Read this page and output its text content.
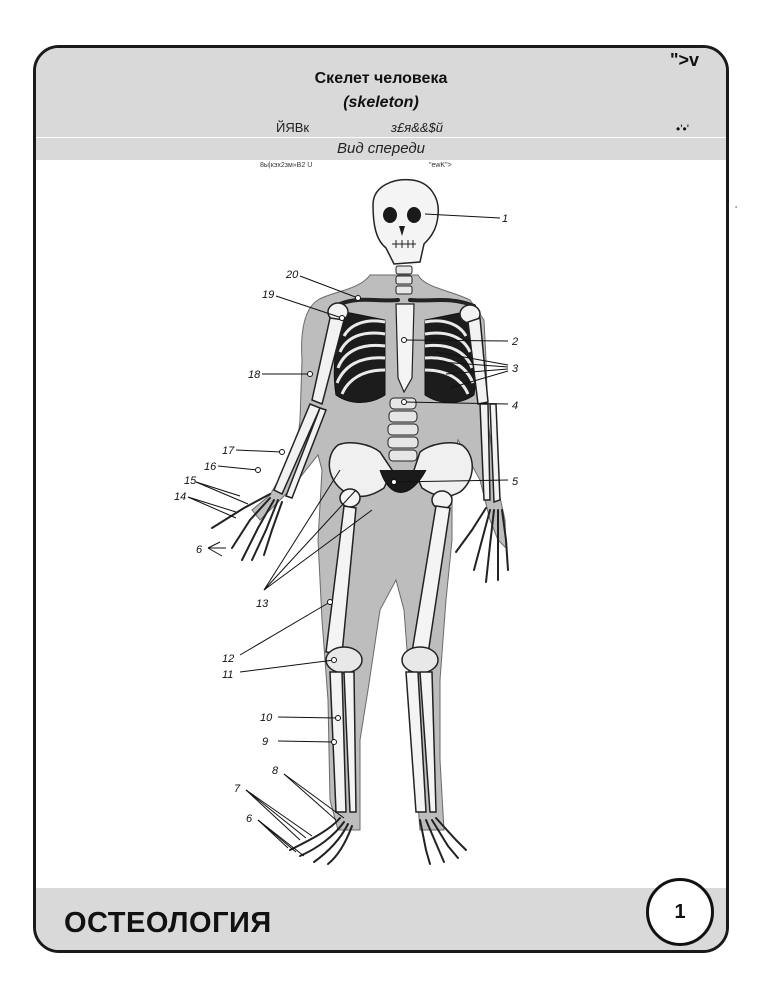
Скелет человека
(skeleton)
ЙЯВк	з£я&&$й
Вид спереди
8ы|кэх2зм»В2 U	"ewK">
ОСТЕОЛОГИЯ
">v
•'•'
ʻ
1
2
3
4
5
6
6
7
8
9
10
11
12
13
14
15
16
17
18
19
20
1
